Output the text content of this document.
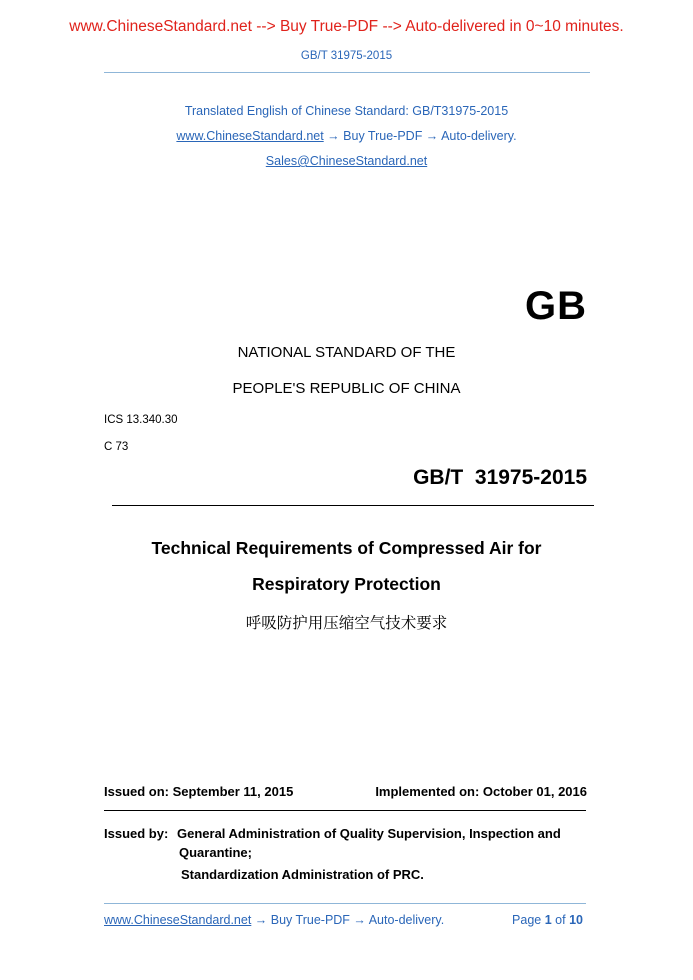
www.ChineseStandard.net --> Buy True-PDF --> Auto-delivered in 0~10 minutes.
GB/T 31975-2015
Translated English of Chinese Standard: GB/T31975-2015
www.ChineseStandard.net → Buy True-PDF → Auto-delivery.
Sales@ChineseStandard.net
GB
NATIONAL STANDARD OF THE
PEOPLE'S REPUBLIC OF CHINA
ICS 13.340.30
C 73
GB/T  31975-2015
Technical Requirements of Compressed Air for
Respiratory Protection
呼吸防护用压缩空气技术要求
Issued on: September 11, 2015	Implemented on: October 01, 2016
Issued by: General Administration of Quality Supervision, Inspection and
Quarantine;
Standardization Administration of PRC.
www.ChineseStandard.net → Buy True-PDF → Auto-delivery.	Page 1 of 10
